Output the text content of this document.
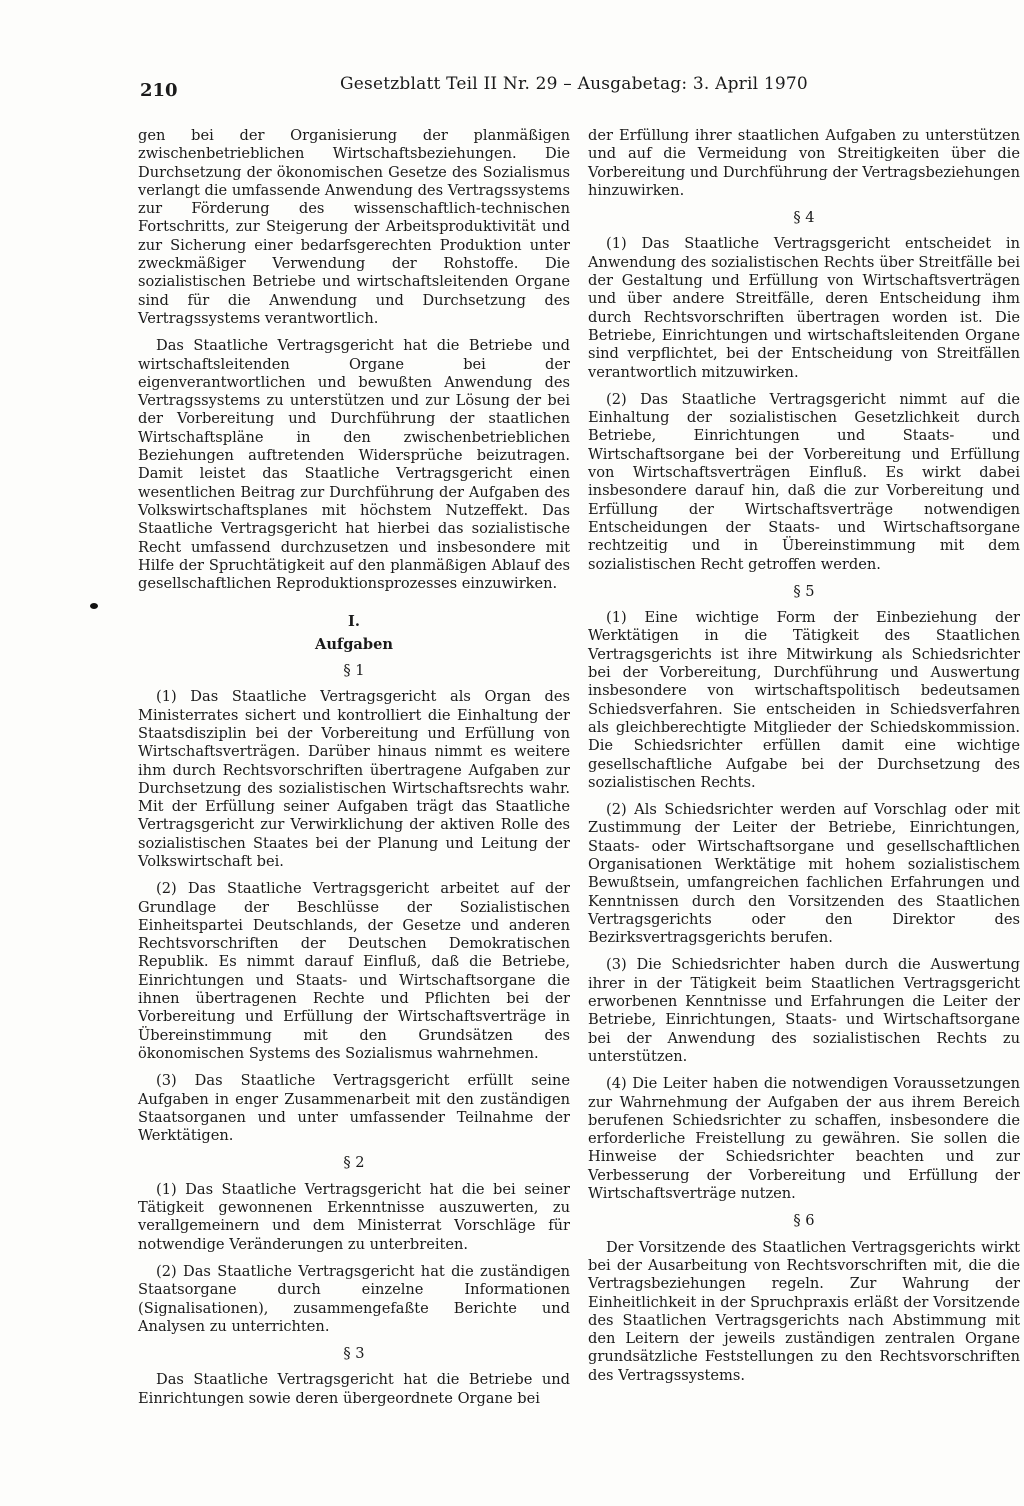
210	Gesetzblatt Teil II Nr. 29 – Ausgabetag: 3. April 1970

gen bei der Organisierung der planmäßigen zwischenbetrieblichen Wirtschaftsbeziehungen. Die Durchsetzung der ökonomischen Gesetze des Sozialismus verlangt die umfassende Anwendung des Vertragssystems zur Förderung des wissenschaftlich-technischen Fortschritts, zur Steigerung der Arbeitsproduktivität und zur Sicherung einer bedarfsgerechten Produktion unter zweckmäßiger Verwendung der Rohstoffe. Die sozialistischen Betriebe und wirtschaftsleitenden Organe sind für die Anwendung und Durchsetzung des Vertragssystems verantwortlich.

Das Staatliche Vertragsgericht hat die Betriebe und wirtschaftsleitenden Organe bei der eigenverantwortlichen und bewußten Anwendung des Vertragssystems zu unterstützen und zur Lösung der bei der Vorbereitung und Durchführung der staatlichen Wirtschaftspläne in den zwischenbetrieblichen Beziehungen auftretenden Widersprüche beizutragen. Damit leistet das Staatliche Vertragsgericht einen wesentlichen Beitrag zur Durchführung der Aufgaben des Volkswirtschaftsplanes mit höchstem Nutzeffekt. Das Staatliche Vertragsgericht hat hierbei das sozialistische Recht umfassend durchzusetzen und insbesondere mit Hilfe der Spruchtätigkeit auf den planmäßigen Ablauf des gesellschaftlichen Reproduktionsprozesses einzuwirken.

I.
Aufgaben
§ 1

(1) Das Staatliche Vertragsgericht als Organ des Ministerrates sichert und kontrolliert die Einhaltung der Staatsdisziplin bei der Vorbereitung und Erfüllung von Wirtschaftsverträgen. Darüber hinaus nimmt es weitere ihm durch Rechtsvorschriften übertragene Aufgaben zur Durchsetzung des sozialistischen Wirtschaftsrechts wahr. Mit der Erfüllung seiner Aufgaben trägt das Staatliche Vertragsgericht zur Verwirklichung der aktiven Rolle des sozialistischen Staates bei der Planung und Leitung der Volkswirtschaft bei.

(2) Das Staatliche Vertragsgericht arbeitet auf der Grundlage der Beschlüsse der Sozialistischen Einheitspartei Deutschlands, der Gesetze und anderen Rechtsvorschriften der Deutschen Demokratischen Republik. Es nimmt darauf Einfluß, daß die Betriebe, Einrichtungen und Staats- und Wirtschaftsorgane die ihnen übertragenen Rechte und Pflichten bei der Vorbereitung und Erfüllung der Wirtschaftsverträge in Übereinstimmung mit den Grundsätzen des ökonomischen Systems des Sozialismus wahrnehmen.

(3) Das Staatliche Vertragsgericht erfüllt seine Aufgaben in enger Zusammenarbeit mit den zuständigen Staatsorganen und unter umfassender Teilnahme der Werktätigen.

§ 2

(1) Das Staatliche Vertragsgericht hat die bei seiner Tätigkeit gewonnenen Erkenntnisse auszuwerten, zu verallgemeinern und dem Ministerrat Vorschläge für notwendige Veränderungen zu unterbreiten.

(2) Das Staatliche Vertragsgericht hat die zuständigen Staatsorgane durch einzelne Informationen (Signalisationen), zusammengefaßte Berichte und Analysen zu unterrichten.

§ 3

Das Staatliche Vertragsgericht hat die Betriebe und Einrichtungen sowie deren übergeordnete Organe bei

der Erfüllung ihrer staatlichen Aufgaben zu unterstützen und auf die Vermeidung von Streitigkeiten über die Vorbereitung und Durchführung der Vertragsbeziehungen hinzuwirken.

§ 4

(1) Das Staatliche Vertragsgericht entscheidet in Anwendung des sozialistischen Rechts über Streitfälle bei der Gestaltung und Erfüllung von Wirtschaftsverträgen und über andere Streitfälle, deren Entscheidung ihm durch Rechtsvorschriften übertragen worden ist. Die Betriebe, Einrichtungen und wirtschaftsleitenden Organe sind verpflichtet, bei der Entscheidung von Streitfällen verantwortlich mitzuwirken.

(2) Das Staatliche Vertragsgericht nimmt auf die Einhaltung der sozialistischen Gesetzlichkeit durch Betriebe, Einrichtungen und Staats- und Wirtschaftsorgane bei der Vorbereitung und Erfüllung von Wirtschaftsverträgen Einfluß. Es wirkt dabei insbesondere darauf hin, daß die zur Vorbereitung und Erfüllung der Wirtschaftsverträge notwendigen Entscheidungen der Staats- und Wirtschaftsorgane rechtzeitig und in Übereinstimmung mit dem sozialistischen Recht getroffen werden.

§ 5

(1) Eine wichtige Form der Einbeziehung der Werktätigen in die Tätigkeit des Staatlichen Vertragsgerichts ist ihre Mitwirkung als Schiedsrichter bei der Vorbereitung, Durchführung und Auswertung insbesondere von wirtschaftspolitisch bedeutsamen Schiedsverfahren. Sie entscheiden in Schiedsverfahren als gleichberechtigte Mitglieder der Schiedskommission. Die Schiedsrichter erfüllen damit eine wichtige gesellschaftliche Aufgabe bei der Durchsetzung des sozialistischen Rechts.

(2) Als Schiedsrichter werden auf Vorschlag oder mit Zustimmung der Leiter der Betriebe, Einrichtungen, Staats- oder Wirtschaftsorgane und gesellschaftlichen Organisationen Werktätige mit hohem sozialistischem Bewußtsein, umfangreichen fachlichen Erfahrungen und Kenntnissen durch den Vorsitzenden des Staatlichen Vertragsgerichts oder den Direktor des Bezirksvertragsgerichts berufen.

(3) Die Schiedsrichter haben durch die Auswertung ihrer in der Tätigkeit beim Staatlichen Vertragsgericht erworbenen Kenntnisse und Erfahrungen die Leiter der Betriebe, Einrichtungen, Staats- und Wirtschaftsorgane bei der Anwendung des sozialistischen Rechts zu unterstützen.

(4) Die Leiter haben die notwendigen Voraussetzungen zur Wahrnehmung der Aufgaben der aus ihrem Bereich berufenen Schiedsrichter zu schaffen, insbesondere die erforderliche Freistellung zu gewähren. Sie sollen die Hinweise der Schiedsrichter beachten und zur Verbesserung der Vorbereitung und Erfüllung der Wirtschaftsverträge nutzen.

§ 6

Der Vorsitzende des Staatlichen Vertragsgerichts wirkt bei der Ausarbeitung von Rechtsvorschriften mit, die die Vertragsbeziehungen regeln. Zur Wahrung der Einheitlichkeit in der Spruchpraxis erläßt der Vorsitzende des Staatlichen Vertragsgerichts nach Abstimmung mit den Leitern der jeweils zuständigen zentralen Organe grundsätzliche Feststellungen zu den Rechtsvorschriften des Vertragssystems.
